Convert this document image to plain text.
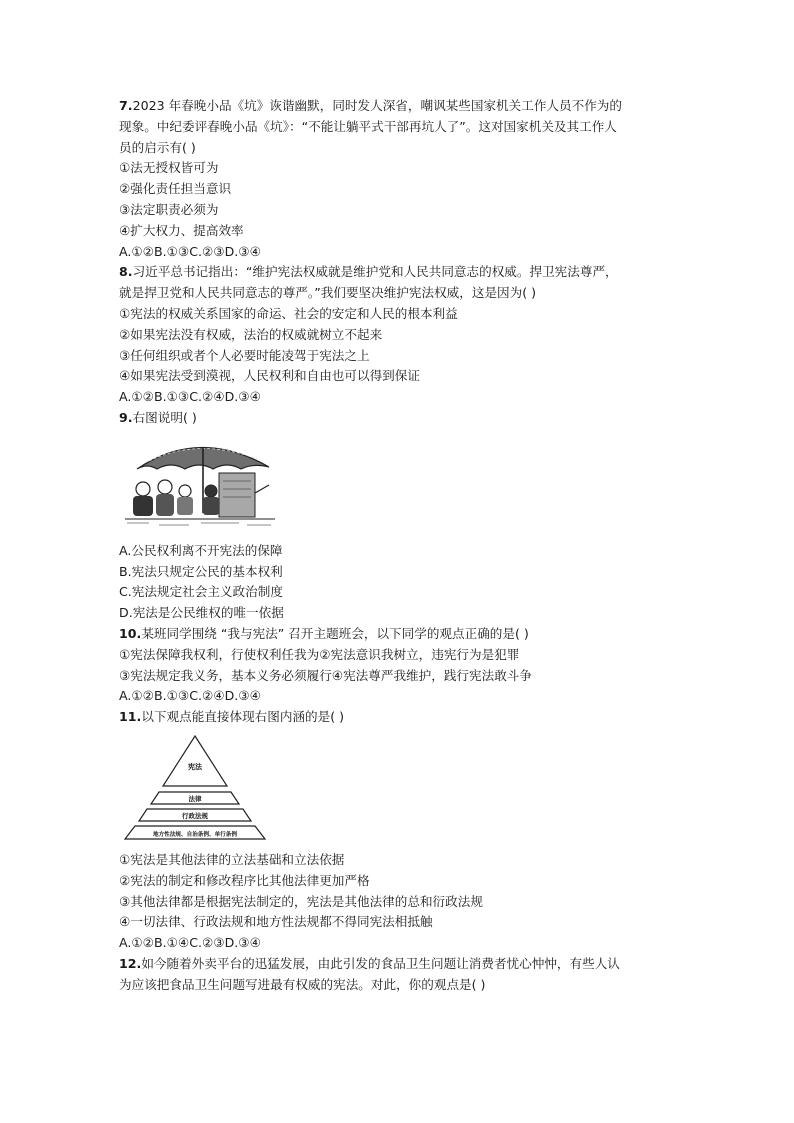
7.2023 年春晚小品《坑》诙谐幽默，同时发人深省，嘲讽某些国家机关工作人员不作为的
现象。中纪委评春晚小品《坑》：“不能让躺平式干部再坑人了”。这对国家机关及其工作人
员的启示有( )
①法无授权皆可为
②强化责任担当意识
③法定职责必须为
④扩大权力、提高效率
A.①②B.①③C.②③D.③④
8.习近平总书记指出：“维护宪法权威就是维护党和人民共同意志的权威。捍卫宪法尊严，
就是捍卫党和人民共同意志的尊严。”我们要坚决维护宪法权威，这是因为( )
①宪法的权威关系国家的命运、社会的安定和人民的根本利益
②如果宪法没有权威，法治的权威就树立不起来
③任何组织或者个人必要时能凌驾于宪法之上
④如果宪法受到漠视，人民权利和自由也可以得到保证
A.①②B.①③C.②④D.③④
9.右图说明( )
A.公民权利离不开宪法的保障
B.宪法只规定公民的基本权利
C.宪法规定社会主义政治制度
D.宪法是公民维权的唯一依据
10.某班同学围绕 “我与宪法” 召开主题班会，以下同学的观点正确的是( )
①宪法保障我权利，行使权利任我为②宪法意识我树立，违宪行为是犯罪
③宪法规定我义务，基本义务必须履行④宪法尊严我维护，践行宪法敢斗争
A.①②B.①③C.②④D.③④
11.以下观点能直接体现右图内涵的是( )
宪法
法律
行政法规
地方性法规、自治条例、单行条例
①宪法是其他法律的立法基础和立法依据
②宪法的制定和修改程序比其他法律更加严格
③其他法律都是根据宪法制定的，宪法是其他法律的总和衍政法规
④一切法律、行政法规和地方性法规都不得同宪法相抵触
A.①②B.①④C.②③D.③④
12.如今随着外卖平台的迅猛发展，由此引发的食品卫生问题让消费者忧心忡忡，有些人认
为应该把食品卫生问题写进最有权威的宪法。对此，你的观点是( )
